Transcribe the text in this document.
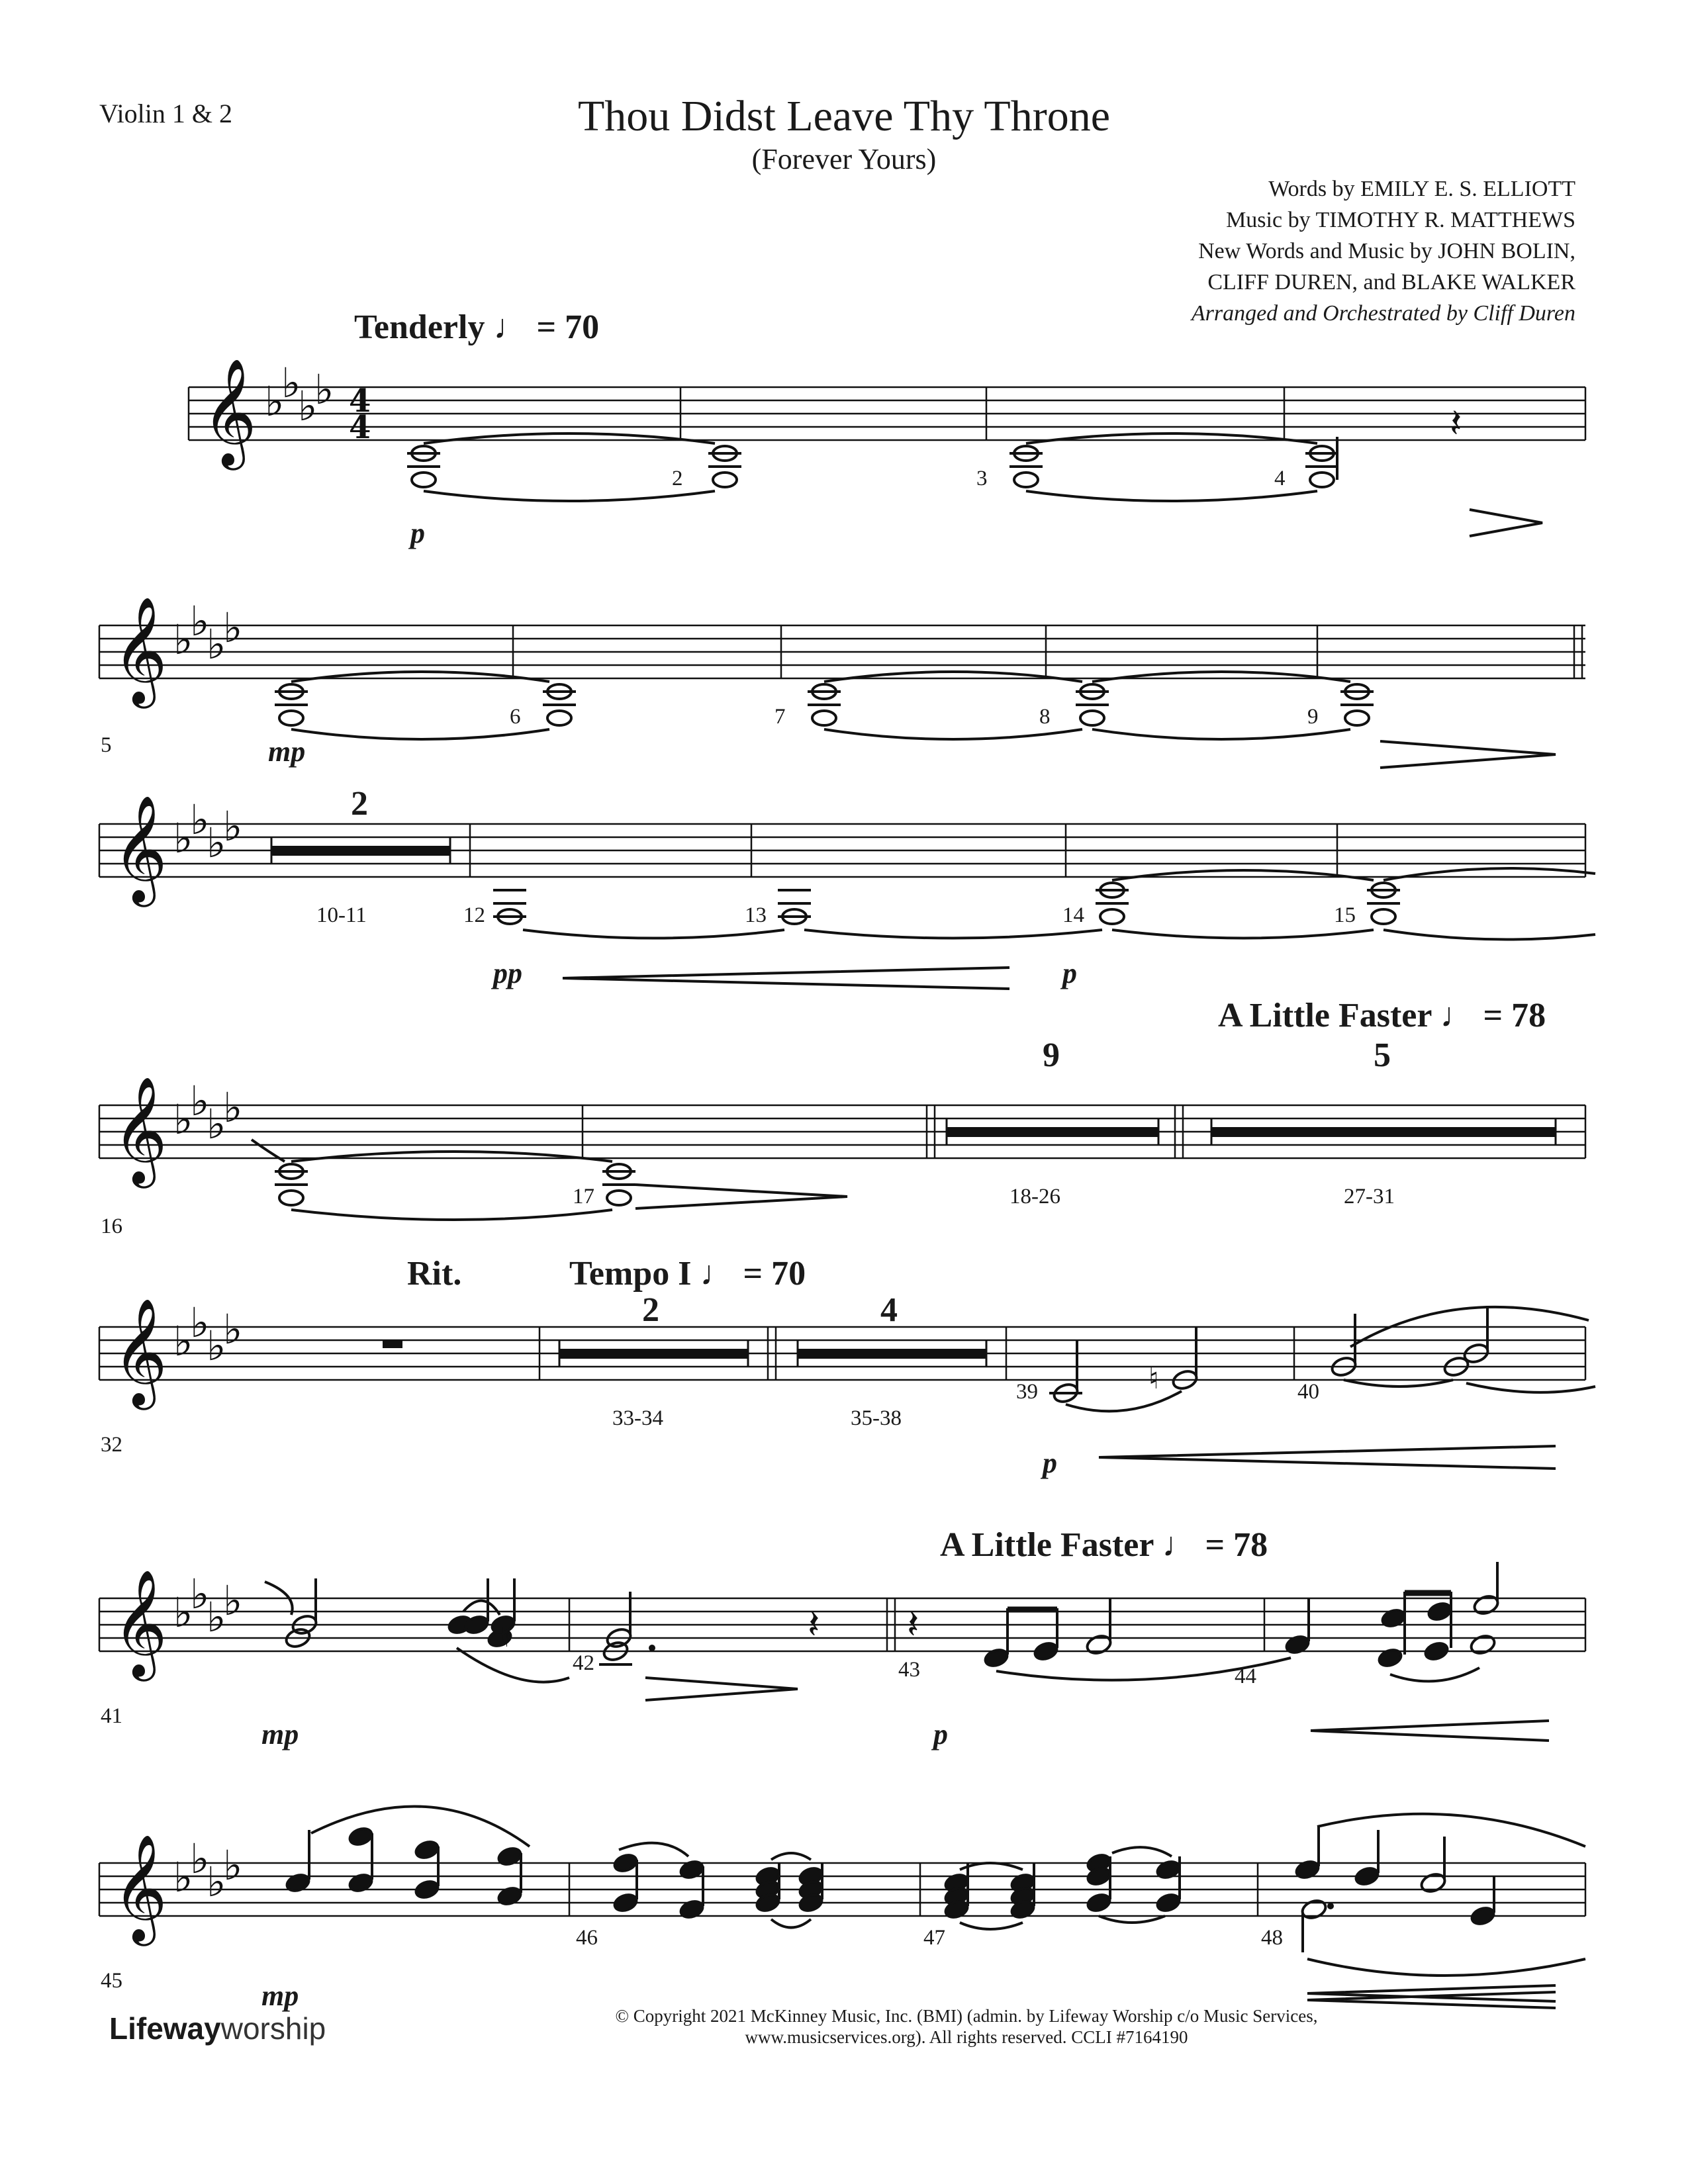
Violin 1 & 2	Thou Didst Leave Thy Throne
(Forever Yours)
Words by EMILY E. S. ELLIOTT
Music by TIMOTHY R. MATTHEWS
New Words and Music by JOHN BOLIN,
CLIFF DUREN, and BLAKE WALKER
Arranged and Orchestrated by Cliff Duren
𝄞 ♭
♭
♭
♭ 4
4	𝄽
𝄞 ♭
♭
♭
♭
𝄞 ♭
♭
♭
♭
𝄞 ♭
♭
♭
♭
𝄞 ♭
♭
♭
♭
♮
𝄞 ♭
♭
♭
♭
♮	𝄽 𝄽
𝄞 ♭
♭
♭
♭
Tenderly ♩ = 70
A Little Faster ♩ = 78
Rit.	Tempo I ♩ = 70
A Little Faster ♩ = 78
p
mp
pp	p
p
mp	p
mp
2	3	4
5
6	7	8	9
12	13	14	15
16
17
32
39	40
41
42	43	44
45
46	47	48
2
10-11
9
18-26
5
27-31
2
33-34
4
35-38
Lifewayworship	© Copyright 2021 McKinney Music, Inc. (BMI) (admin. by Lifeway Worship c/o Music Services,
www.musicservices.org). All rights reserved. CCLI #7164190
